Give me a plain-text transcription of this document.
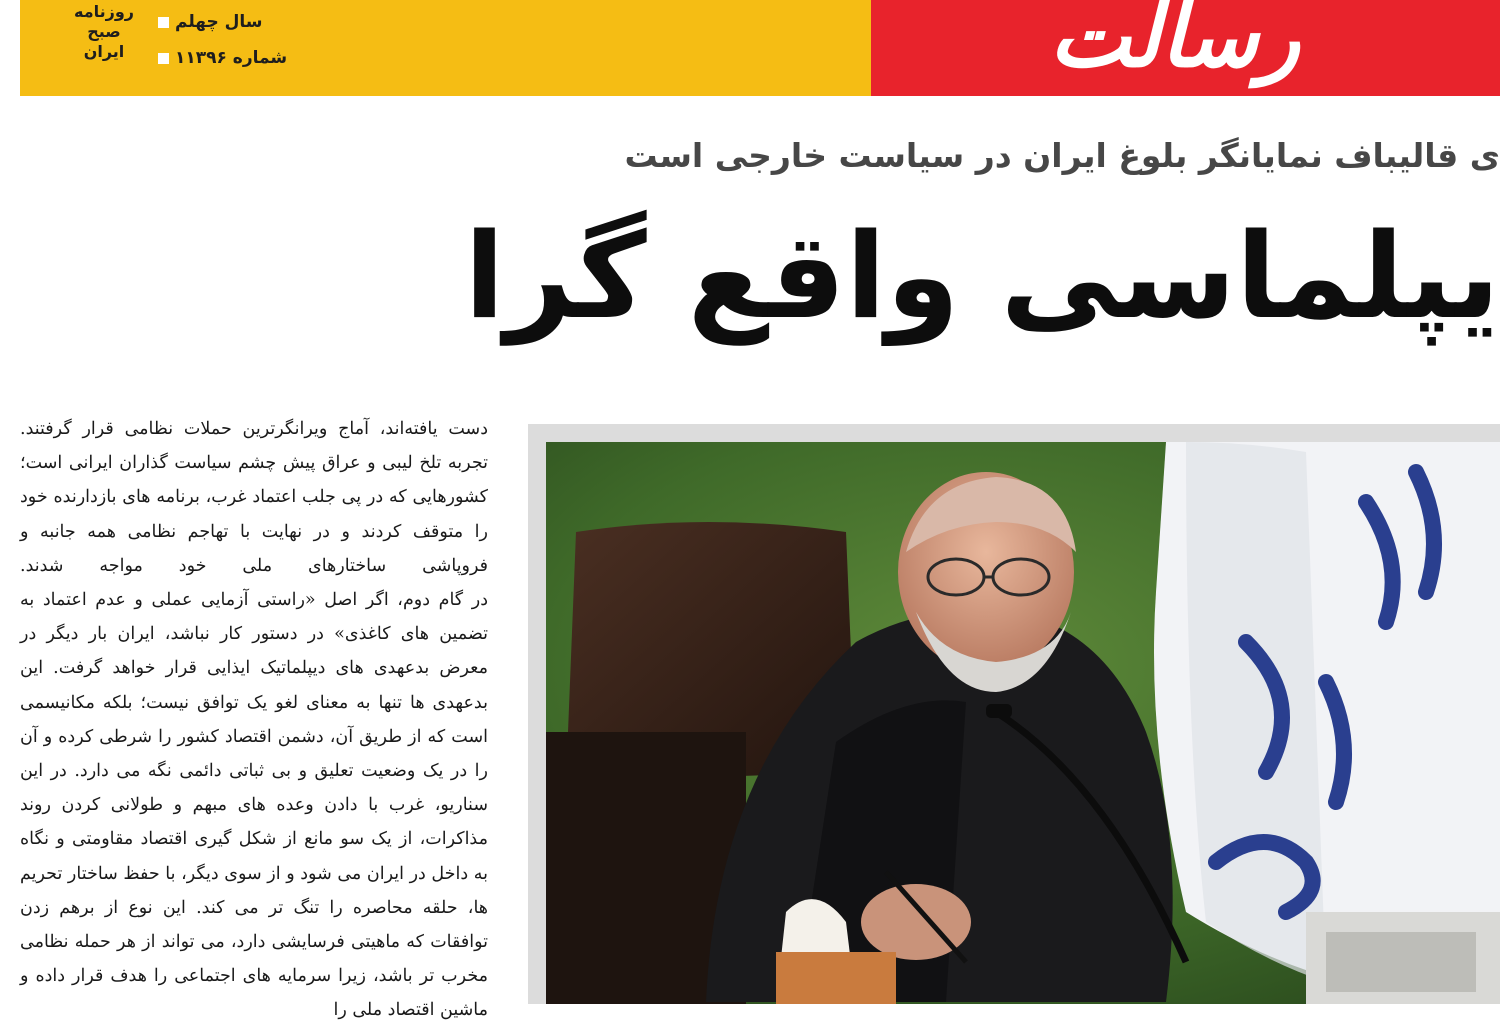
روزنامه
صبح
ایران
سال چهلم
شماره ۱۱۳۹۶	رسالت
ی قالیباف نمایانگر بلوغ ایران در سیاست خارجی است
یپلماسی واقع گرا

دست یافته‌اند، آماج ویرانگرترین حملات نظامی قرار گرفتند. تجربه تلخ لیبی و عراق پیش چشم سیاست گذاران ایرانی است؛ کشورهایی که در پی جلب اعتماد غرب، برنامه های بازدارنده خود را متوقف کردند و در نهایت با تهاجم نظامی همه جانبه و فروپاشی ساختارهای ملی خود مواجه شدند.

در گام دوم، اگر اصل «راستی آزمایی عملی و عدم اعتماد به تضمین های کاغذی» در دستور کار نباشد، ایران بار دیگر در معرض بدعهدی های دیپلماتیک ایذایی قرار خواهد گرفت. این بدعهدی ها تنها به معنای لغو یک توافق نیست؛ بلکه مکانیسمی است که از طریق آن، دشمن اقتصاد کشور را شرطی کرده و آن را در یک وضعیت تعلیق و بی ثباتی دائمی نگه می دارد. در این سناریو، غرب با دادن وعده های مبهم و طولانی کردن روند مذاکرات، از یک سو مانع از شکل گیری اقتصاد مقاومتی و نگاه به داخل در ایران می شود و از سوی دیگر، با حفظ ساختار تحریم ها، حلقه محاصره را تنگ تر می کند. این نوع از برهم زدن توافقات که ماهیتی فرسایشی دارد، می تواند از هر حمله نظامی مخرب تر باشد، زیرا سرمایه های اجتماعی را هدف قرار داده و ماشین اقتصاد ملی را
